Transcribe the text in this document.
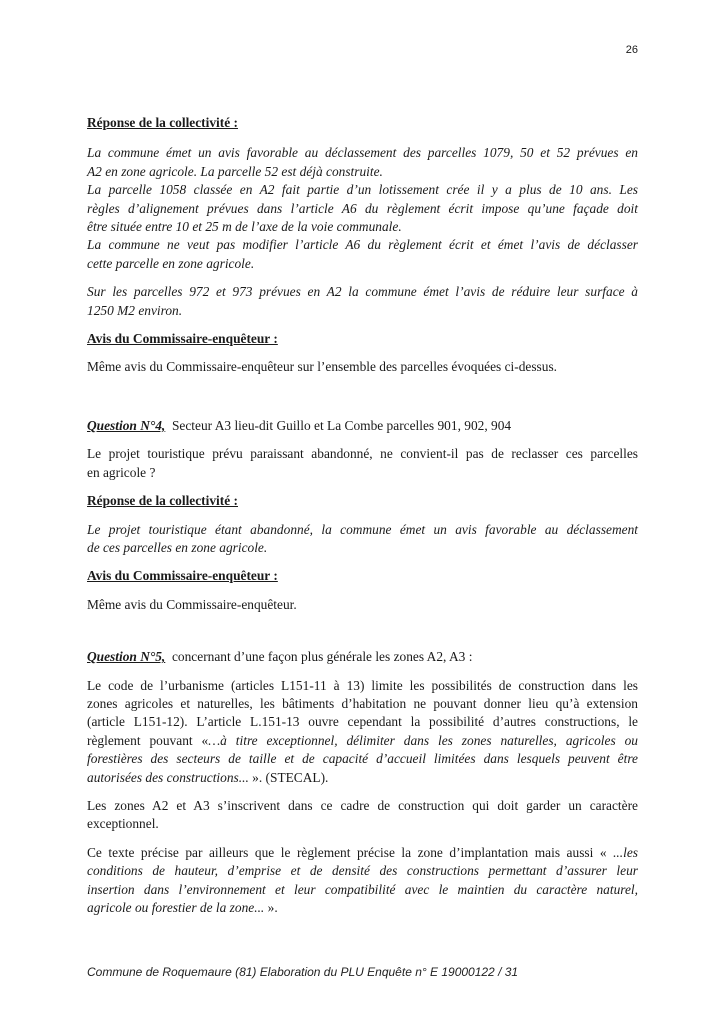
26
Réponse de la collectivité :
La commune émet un avis favorable au déclassement des parcelles 1079, 50 et 52 prévues en
A2 en zone agricole. La parcelle 52 est déjà construite.
La parcelle 1058 classée en A2 fait partie d’un lotissement crée il y a plus de 10 ans. Les
règles d’alignement prévues dans l’article A6 du règlement écrit impose qu’une façade doit
être située entre 10 et 25 m de l’axe de la voie communale.
La commune ne veut pas modifier l’article A6 du règlement écrit et émet l’avis de déclasser
cette parcelle en zone agricole.
Sur les parcelles 972 et 973 prévues en A2 la commune émet l’avis de réduire leur surface à
1250 M2 environ.
Avis du Commissaire-enquêteur :
Même avis du Commissaire-enquêteur sur l’ensemble des parcelles évoquées ci-dessus.
Question N°4,  Secteur A3 lieu-dit Guillo et La Combe parcelles 901, 902, 904
Le projet touristique prévu paraissant abandonné, ne convient-il pas de reclasser ces parcelles
en agricole ?
Réponse de la collectivité :
Le projet touristique étant abandonné, la commune émet un avis favorable au déclassement
de ces parcelles en zone agricole.
Avis du Commissaire-enquêteur :
Même avis du Commissaire-enquêteur.
Question N°5,  concernant d’une façon plus générale les zones A2, A3 :
Le code de l’urbanisme (articles L151-11 à 13) limite les possibilités de construction dans les
zones agricoles et naturelles, les bâtiments d’habitation ne pouvant donner lieu qu’à extension
(article L151-12). L’article L.151-13 ouvre cependant la possibilité d’autres constructions, le
règlement pouvant «…à titre exceptionnel, délimiter dans les zones naturelles, agricoles ou
forestières des secteurs de taille et de capacité d’accueil limitées dans lesquels peuvent être
autorisées des constructions... ». (STECAL).
Les zones A2 et A3 s’inscrivent dans ce cadre de construction qui doit garder un caractère
exceptionnel.
Ce texte précise par ailleurs que le règlement précise la zone d’implantation mais aussi « ...les
conditions de hauteur, d’emprise et de densité des constructions permettant d’assurer leur
insertion dans l’environnement et leur compatibilité avec le maintien du caractère naturel,
agricole ou forestier de la zone... ».
Commune de Roquemaure (81) Elaboration du PLU Enquête n° E 19000122 / 31
